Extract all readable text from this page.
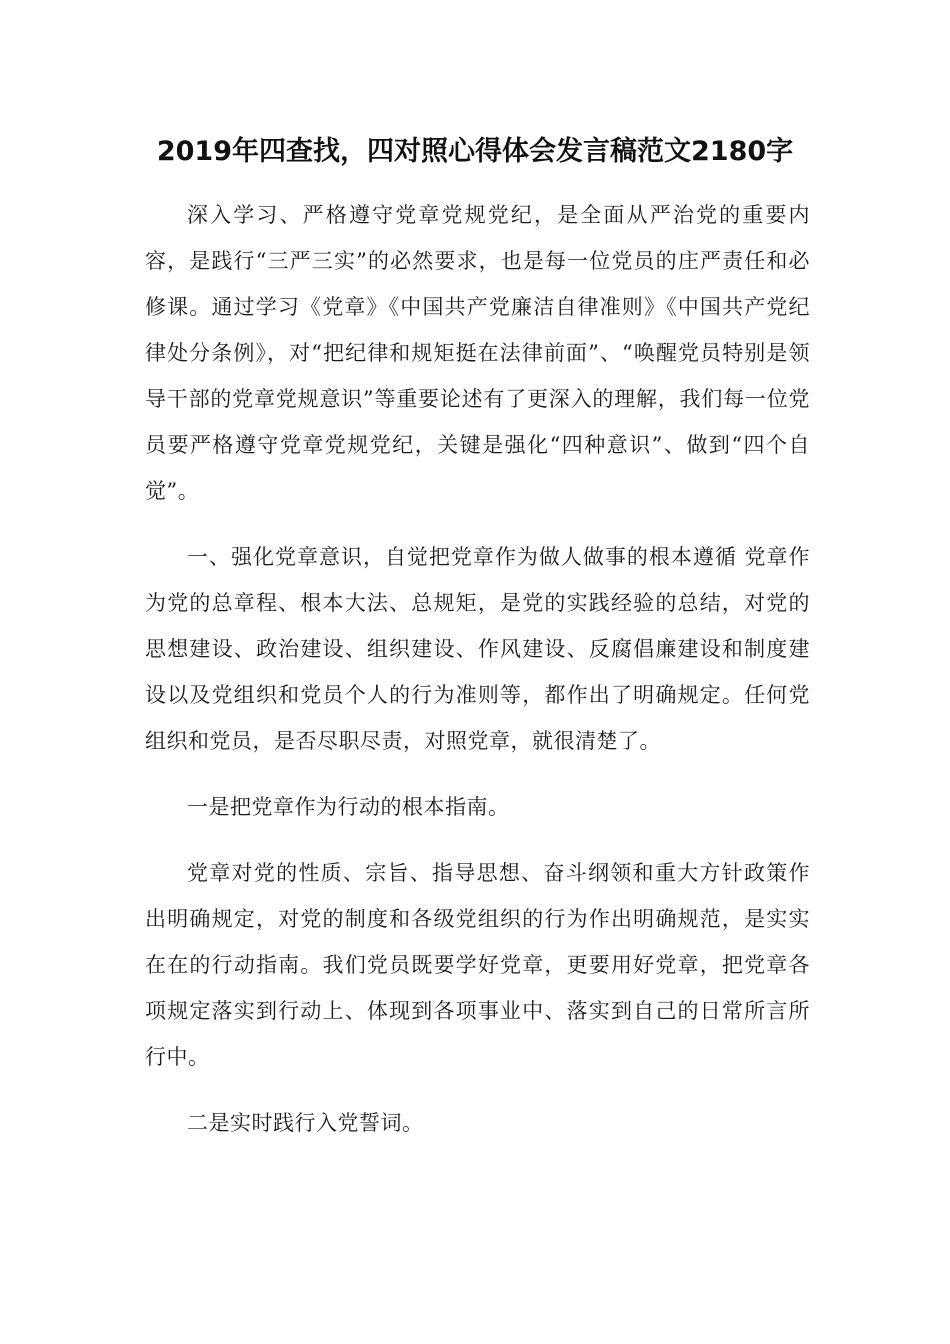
2019年四查找，四对照心得体会发言稿范文2180字

深入学习、严格遵守党章党规党纪，是全面从严治党的重要内容，是践行“三严三实”的必然要求，也是每一位党员的庄严责任和必修课。通过学习《党章》《中国共产党廉洁自律准则》《中国共产党纪律处分条例》，对“把纪律和规矩挺在法律前面”、“唤醒党员特别是领导干部的党章党规意识”等重要论述有了更深入的理解，我们每一位党员要严格遵守党章党规党纪，关键是强化“四种意识”、做到“四个自觉”。

一、强化党章意识，自觉把党章作为做人做事的根本遵循 党章作为党的总章程、根本大法、总规矩，是党的实践经验的总结，对党的思想建设、政治建设、组织建设、作风建设、反腐倡廉建设和制度建设以及党组织和党员个人的行为准则等，都作出了明确规定。任何党组织和党员，是否尽职尽责，对照党章，就很清楚了。

一是把党章作为行动的根本指南。

党章对党的性质、宗旨、指导思想、奋斗纲领和重大方针政策作出明确规定，对党的制度和各级党组织的行为作出明确规范，是实实在在的行动指南。我们党员既要学好党章，更要用好党章，把党章各项规定落实到行动上、体现到各项事业中、落实到自己的日常所言所行中。

二是实时践行入党誓词。
